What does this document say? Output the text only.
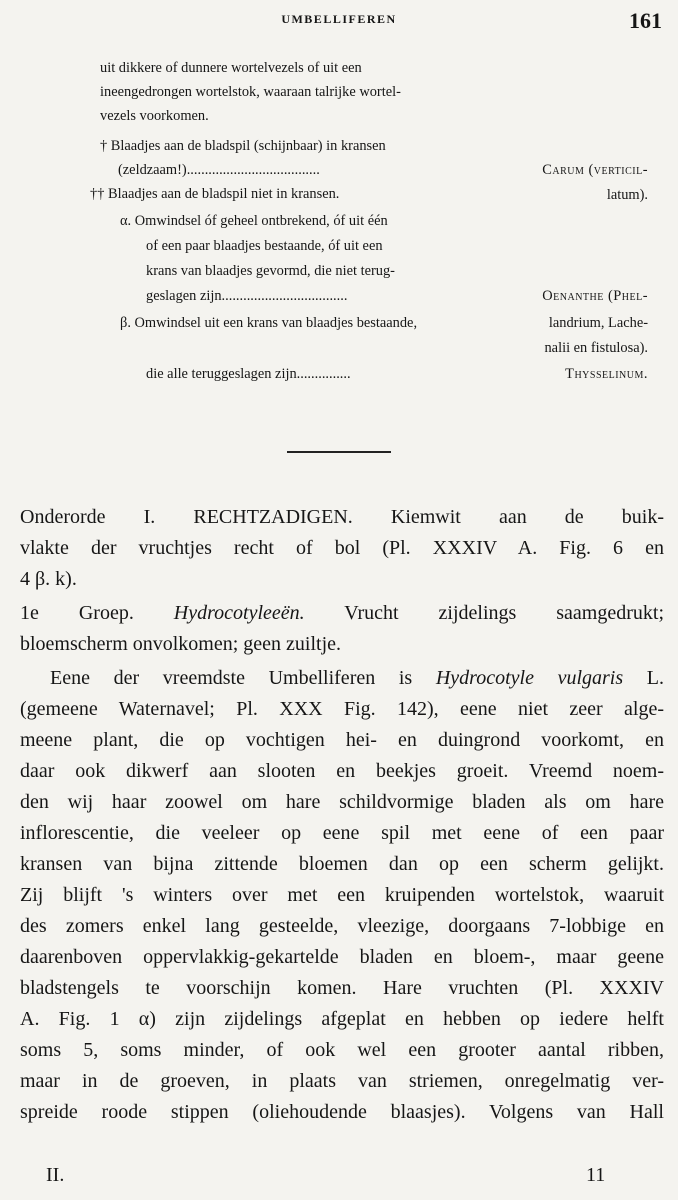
UMBELLIFEREN	161
uit dikkere of dunnere wortelvezels of uit een
ineengedrongen wortelstok, waaraan talrijke wortel-
vezels voorkomen.
† Blaadjes aan de bladspil (schijnbaar) in kransen
(zeldzaam!).....................................
†† Blaadjes aan de bladspil niet in kransen.
α. Omwindsel óf geheel ontbrekend, óf uit één
of een paar blaadjes bestaande, óf uit een
krans van blaadjes gevormd, die niet terug-
geslagen zijn...................................
β. Omwindsel uit een krans van blaadjes bestaande,
die alle teruggeslagen zijn...............
Carum (verticil-
latum).
Oenanthe (Phel-
landrium, Lache-
nalii en fistulosa).
Thysselinum.
Onderorde I. RECHTZADIGEN. Kiemwit aan de buik-
vlakte der vruchtjes recht of bol (Pl. XXXIV A. Fig. 6 en
4 β. k).
1e Groep. Hydrocotyleeën. Vrucht zijdelings saamgedrukt;
bloemscherm onvolkomen; geen zuiltje.
Eene der vreemdste Umbelliferen is Hydrocotyle vulgaris L.
(gemeene Waternavel; Pl. XXX Fig. 142), eene niet zeer alge-
meene plant, die op vochtigen hei- en duingrond voorkomt, en
daar ook dikwerf aan slooten en beekjes groeit. Vreemd noem-
den wij haar zoowel om hare schildvormige bladen als om hare
inflorescentie, die veeleer op eene spil met eene of een paar
kransen van bijna zittende bloemen dan op een scherm gelijkt.
Zij blijft 's winters over met een kruipenden wortelstok, waaruit
des zomers enkel lang gesteelde, vleezige, doorgaans 7-lobbige en
daarenboven oppervlakkig-gekartelde bladen en bloem-, maar geene
bladstengels te voorschijn komen. Hare vruchten (Pl. XXXIV
A. Fig. 1 α) zijn zijdelings afgeplat en hebben op iedere helft
soms 5, soms minder, of ook wel een grooter aantal ribben,
maar in de groeven, in plaats van striemen, onregelmatig ver-
spreide roode stippen (oliehoudende blaasjes). Volgens van Hall
II.	11
